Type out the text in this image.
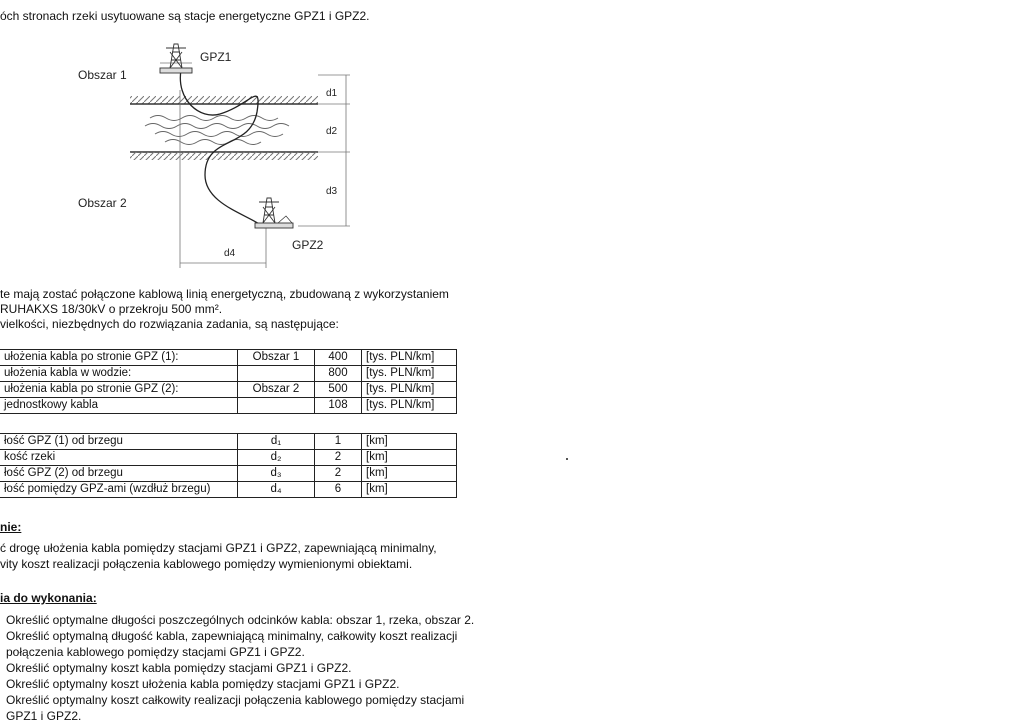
óch stronach rzeki usytuowane są stacje energetyczne GPZ1 i GPZ2.
Obszar 1
Obszar 2
GPZ1
GPZ2
d1
d2
d3
d4
te mają zostać połączone kablową linią energetyczną, zbudowaną z wykorzystaniem
RUHAKXS 18/30kV o przekroju 500 mm².
vielkości, niezbędnych do rozwiązania zadania, są następujące:
ułożenia kabla po stronie GPZ (1):	Obszar 1	400	[tys. PLN/km]
ułożenia kabla w wodzie:		800	[tys. PLN/km]
ułożenia kabla po stronie GPZ (2):	Obszar 2	500	[tys. PLN/km]
jednostkowy kabla		108	[tys. PLN/km]
łość GPZ (1) od brzegu	d₁	1	[km]
kość rzeki	d₂	2	[km]
łość GPZ (2) od brzegu	d₃	2	[km]
łość pomiędzy GPZ-ami (wzdłuż brzegu)	d₄	6	[km]
nie:
ć drogę ułożenia kabla pomiędzy stacjami GPZ1 i GPZ2, zapewniającą minimalny,
vity koszt realizacji połączenia kablowego pomiędzy wymienionymi obiektami.
ia do wykonania:
Określić optymalne długości poszczególnych odcinków kabla: obszar 1, rzeka, obszar 2.
Określić optymalną długość kabla, zapewniającą minimalny, całkowity koszt realizacji
połączenia kablowego pomiędzy stacjami GPZ1 i GPZ2.
Określić optymalny koszt kabla pomiędzy stacjami GPZ1 i GPZ2.
Określić optymalny koszt ułożenia kabla pomiędzy stacjami GPZ1 i GPZ2.
Określić optymalny koszt całkowity realizacji połączenia kablowego pomiędzy stacjami
GPZ1 i GPZ2.
